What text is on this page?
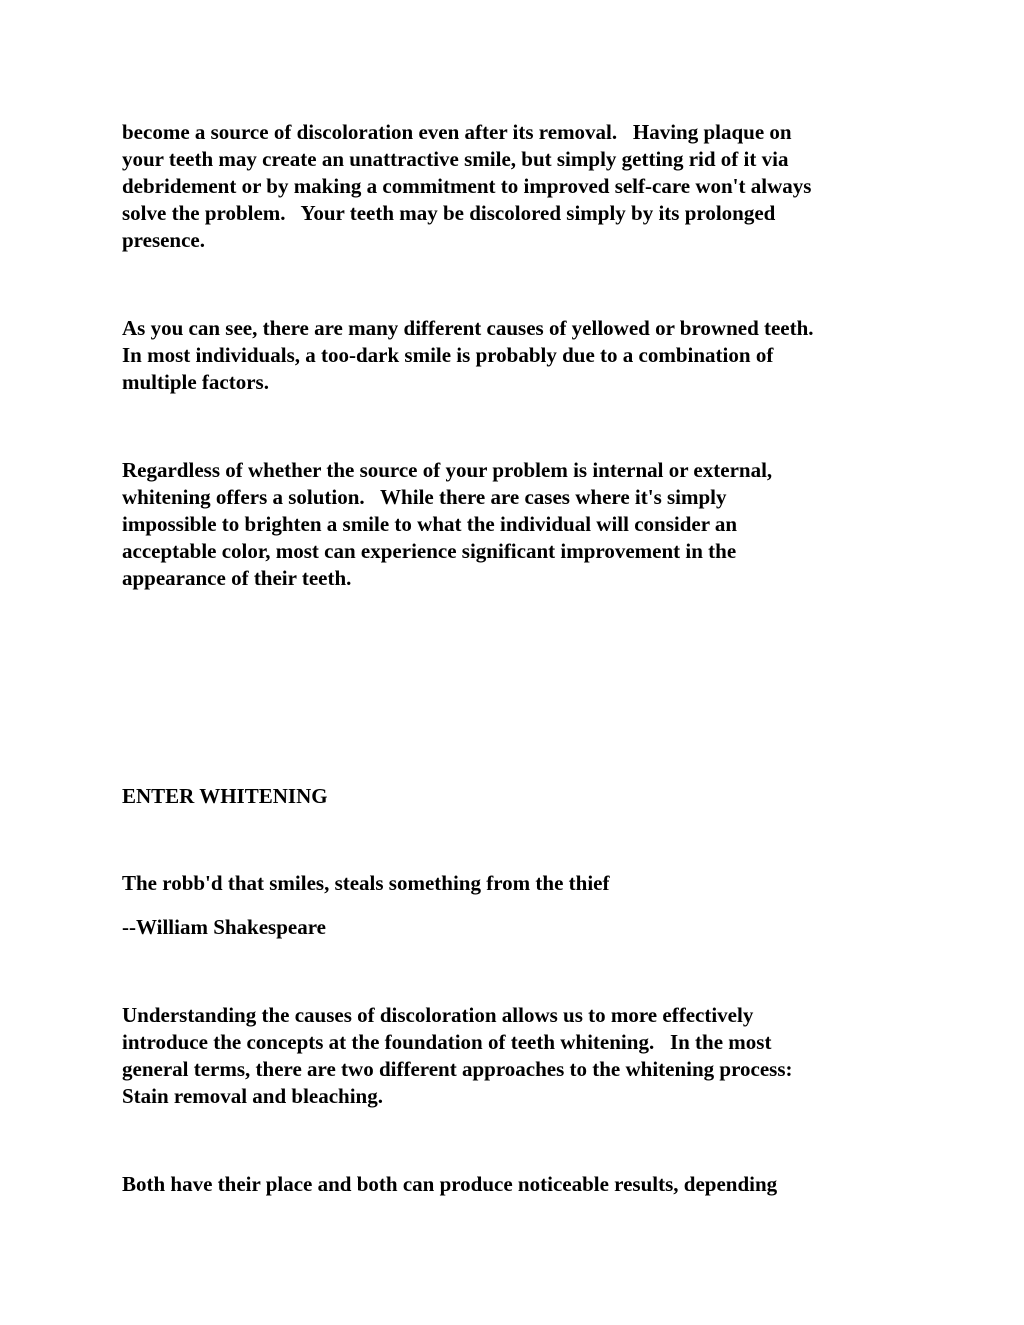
become a source of discoloration even after its removal.   Having plaque on
your teeth may create an unattractive smile, but simply getting rid of it via
debridement or by making a commitment to improved self-care won't always
solve the problem.   Your teeth may be discolored simply by its prolonged
presence.

As you can see, there are many different causes of yellowed or browned teeth.
In most individuals, a too-dark smile is probably due to a combination of
multiple factors.

Regardless of whether the source of your problem is internal or external,
whitening offers a solution.   While there are cases where it's simply
impossible to brighten a smile to what the individual will consider an
acceptable color, most can experience significant improvement in the
appearance of their teeth.

ENTER WHITENING

The robb'd that smiles, steals something from the thief

--William Shakespeare

Understanding the causes of discoloration allows us to more effectively
introduce the concepts at the foundation of teeth whitening.   In the most
general terms, there are two different approaches to the whitening process:
Stain removal and bleaching.

Both have their place and both can produce noticeable results, depending
